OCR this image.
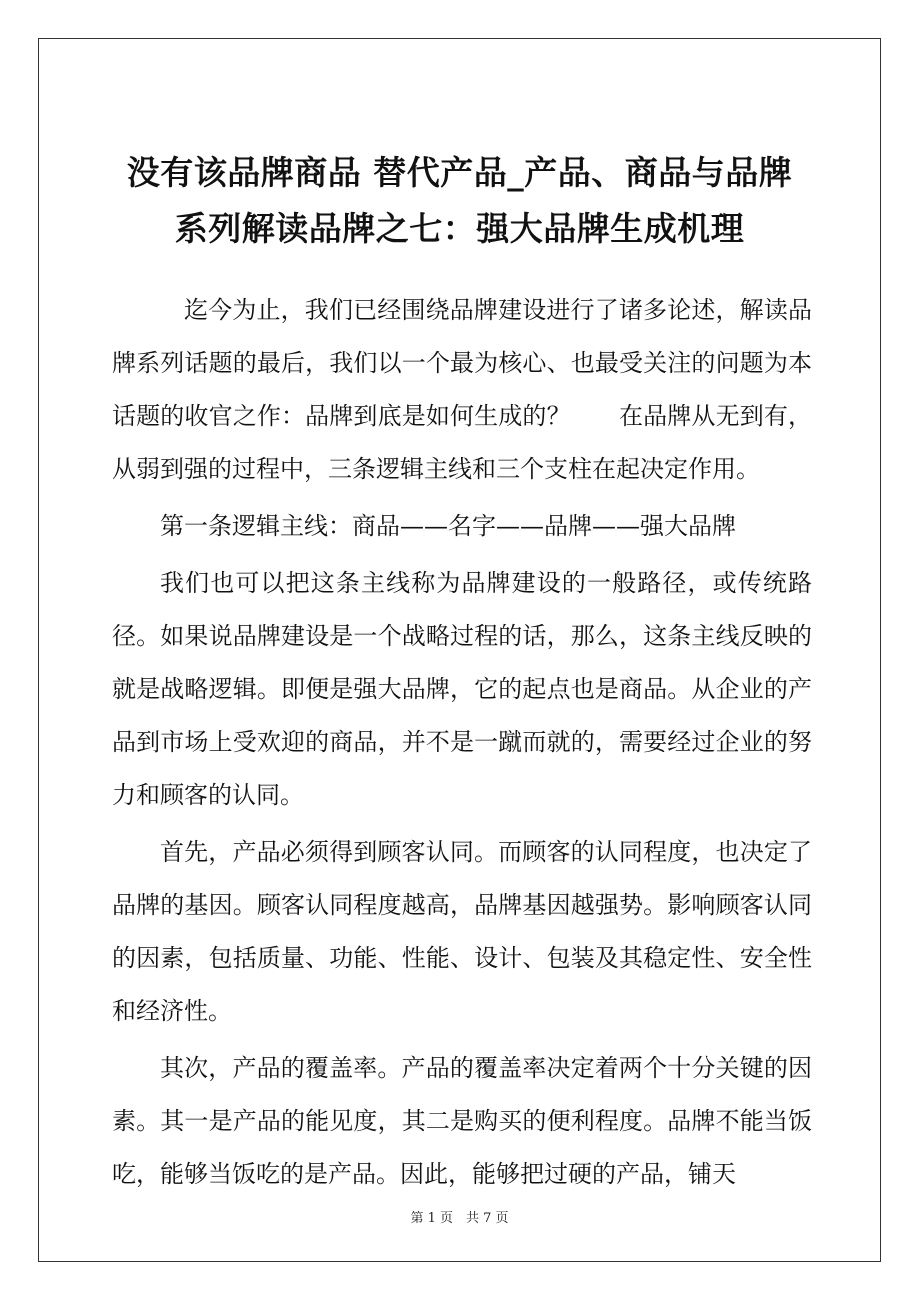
没有该品牌商品 替代产品_产品、商品与品牌
系列解读品牌之七：强大品牌生成机理

迄今为止，我们已经围绕品牌建设进行了诸多论述，解读品牌系列话题的最后，我们以一个最为核心、也最受关注的问题为本话题的收官之作：品牌到底是如何生成的？　　在品牌从无到有，从弱到强的过程中，三条逻辑主线和三个支柱在起决定作用。

第一条逻辑主线：商品——名字——品牌——强大品牌

我们也可以把这条主线称为品牌建设的一般路径，或传统路径。如果说品牌建设是一个战略过程的话，那么，这条主线反映的就是战略逻辑。即便是强大品牌，它的起点也是商品。从企业的产品到市场上受欢迎的商品，并不是一蹴而就的，需要经过企业的努力和顾客的认同。

首先，产品必须得到顾客认同。而顾客的认同程度，也决定了品牌的基因。顾客认同程度越高，品牌基因越强势。影响顾客认同的因素，包括质量、功能、性能、设计、包装及其稳定性、安全性和经济性。

其次，产品的覆盖率。产品的覆盖率决定着两个十分关键的因素。其一是产品的能见度，其二是购买的便利程度。品牌不能当饭吃，能够当饭吃的是产品。因此，能够把过硬的产品，铺天

第 1 页　共 7 页
